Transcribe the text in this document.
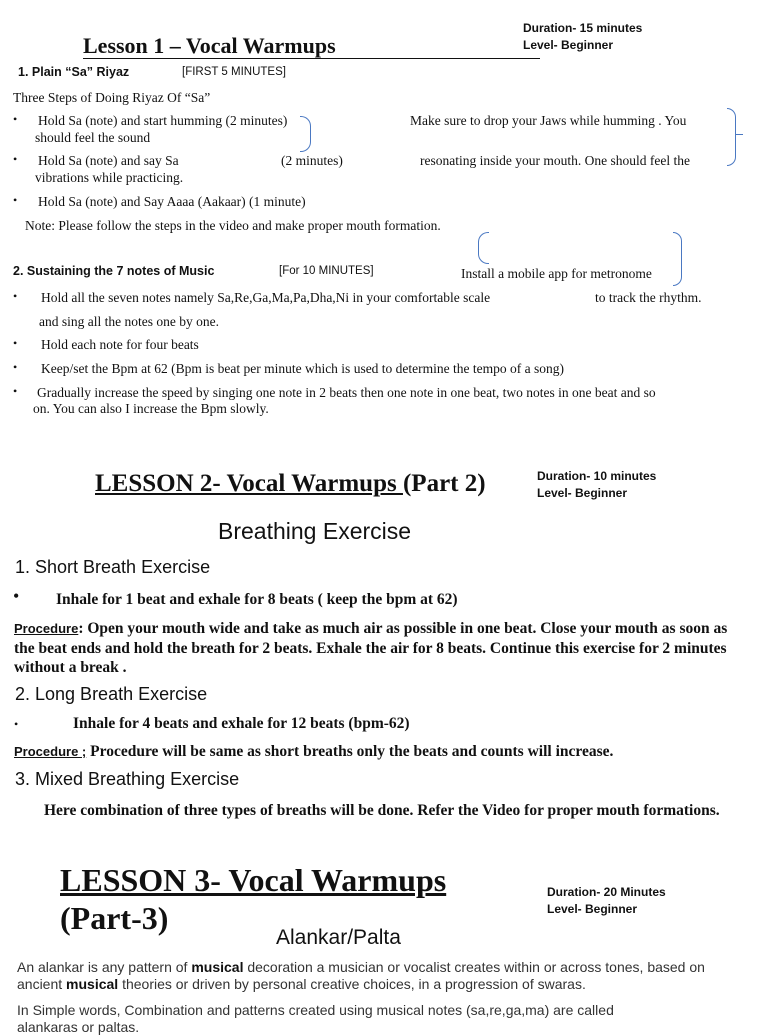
Duration- 15 minutes
Level- Beginner
Lesson 1 – Vocal Warmups
1. Plain “Sa” Riyaz	[FIRST 5 MINUTES]
Three Steps of Doing Riyaz Of “Sa”
• Hold Sa (note) and start humming (2 minutes)	Make sure to drop your Jaws while humming . You
should feel the sound
• Hold Sa (note) and say Sa	(2 minutes)	resonating inside your mouth. One should feel the
vibrations while practicing.
• Hold Sa (note) and Say Aaaa (Aakaar) (1 minute)
Note: Please follow the steps in the video and make proper mouth formation.
2. Sustaining the 7 notes of Music	[For 10 MINUTES]	Install a mobile app for metronome
• Hold all the seven notes namely Sa,Re,Ga,Ma,Pa,Dha,Ni in your comfortable scale	to track the rhythm.
and sing all the notes one by one.
• Hold each note for four beats
• Keep/set the Bpm at 62 (Bpm is beat per minute which is used to determine the tempo of a song)
• Gradually increase the speed by singing one note in 2 beats then one note in one beat, two notes in one beat and so
on. You can also I increase the Bpm slowly.
LESSON 2- Vocal Warmups (Part 2)	Duration- 10 minutes
Level- Beginner
Breathing Exercise
1. Short Breath Exercise
• Inhale for 1 beat and exhale for 8 beats ( keep the bpm at 62)
Procedure: Open your mouth wide and take as much air as possible in one beat. Close your mouth as soon as the beat ends and hold the breath for 2 beats. Exhale the air for 8 beats. Continue this exercise for 2 minutes without a break .
2. Long Breath Exercise
•	Inhale for 4 beats and exhale for 12 beats (bpm-62)
Procedure ; Procedure will be same as short breaths only the beats and counts will increase.
3. Mixed Breathing Exercise
Here combination of three types of breaths will be done. Refer the Video for proper mouth formations.
LESSON 3- Vocal Warmups
(Part-3)
Duration- 20 Minutes
Level- Beginner
Alankar/Palta
An alankar is any pattern of musical decoration a musician or vocalist creates within or across tones, based on ancient musical theories or driven by personal creative choices, in a progression of swaras.
In Simple words, Combination and patterns created using musical notes (sa,re,ga,ma) are called
alankaras or paltas.
